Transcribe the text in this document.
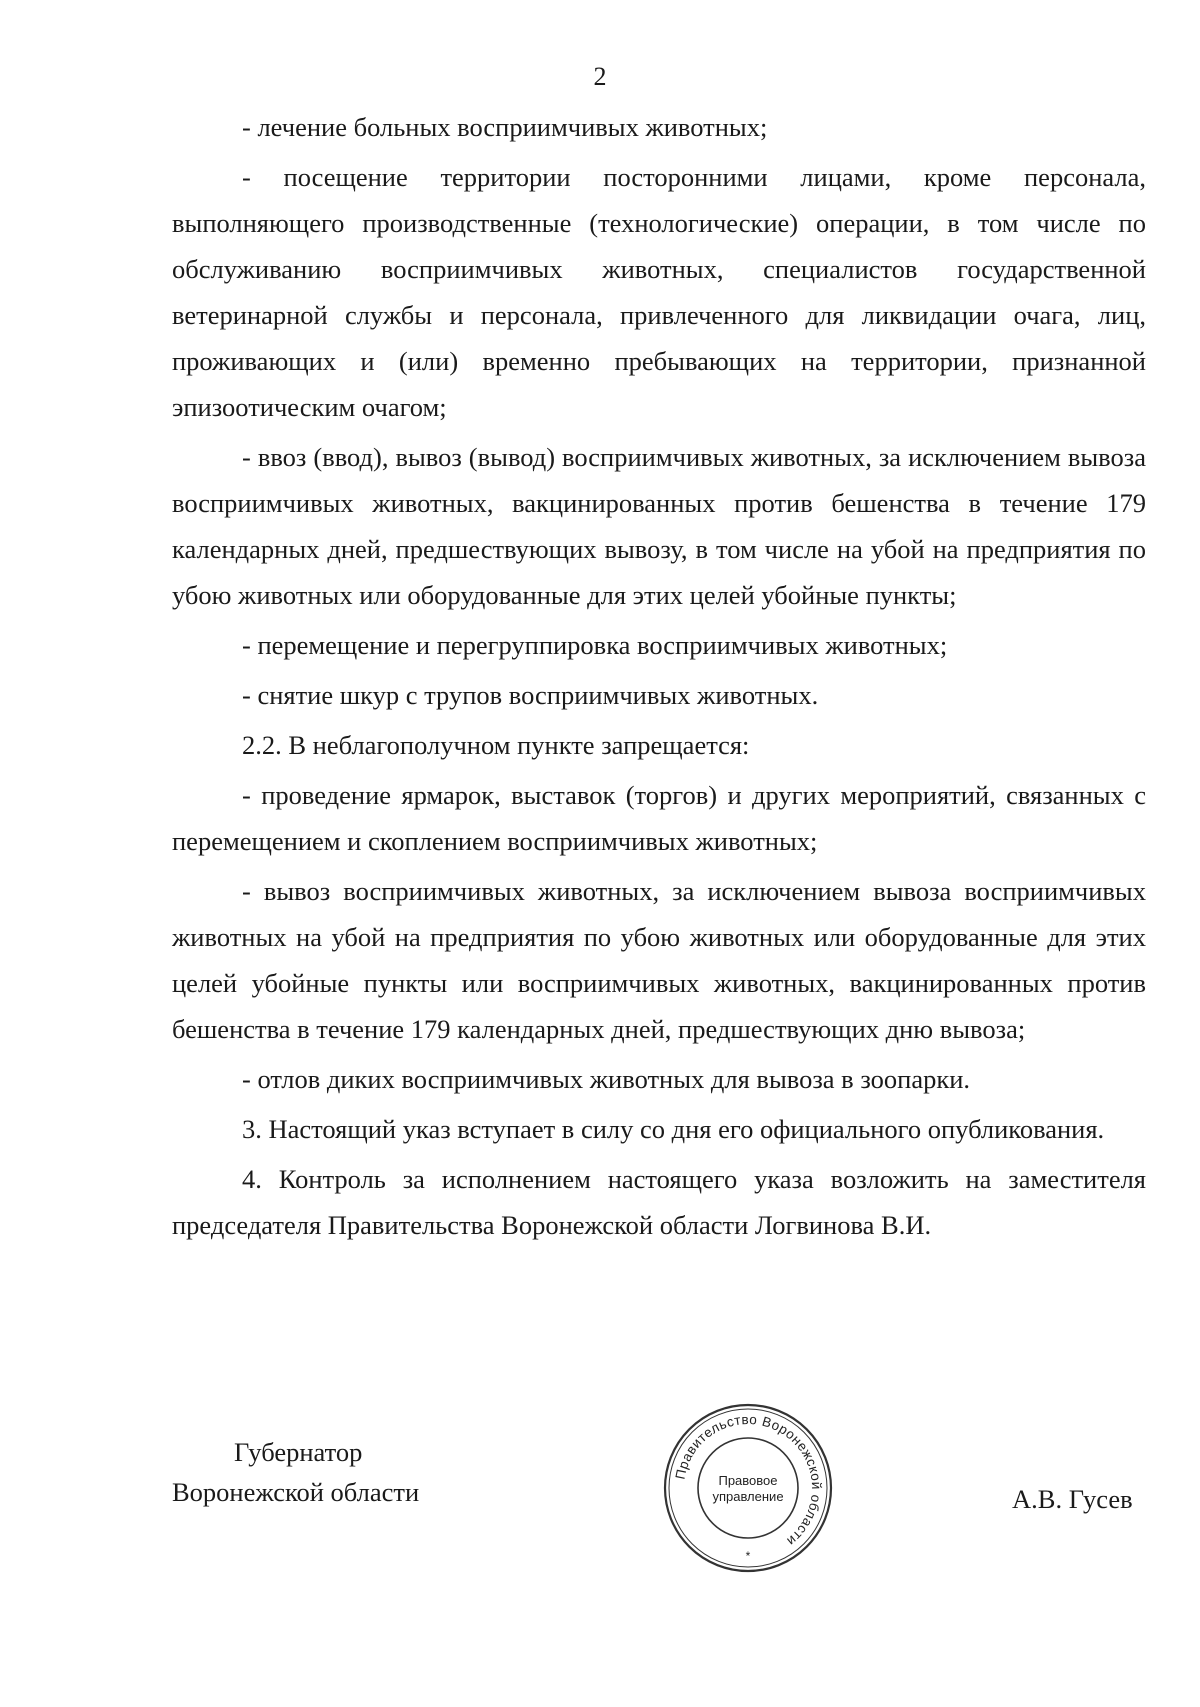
2

- лечение больных восприимчивых животных;

- посещение территории посторонними лицами, кроме персонала, выполняющего производственные (технологические) операции, в том числе по обслуживанию восприимчивых животных, специалистов государственной ветеринарной службы и персонала, привлеченного для ликвидации очага, лиц, проживающих и (или) временно пребывающих на территории, признанной эпизоотическим очагом;

- ввоз (ввод), вывоз (вывод) восприимчивых животных, за исключением вывоза восприимчивых животных, вакцинированных против бешенства в течение 179 календарных дней, предшествующих вывозу, в том числе на убой на предприятия по убою животных или оборудованные для этих целей убойные пункты;

- перемещение и перегруппировка восприимчивых животных;

- снятие шкур с трупов восприимчивых животных.

2.2. В неблагополучном пункте запрещается:

- проведение ярмарок, выставок (торгов) и других мероприятий, связанных с перемещением и скоплением восприимчивых животных;

- вывоз восприимчивых животных, за исключением вывоза восприимчивых животных на убой на предприятия по убою животных или оборудованные для этих целей убойные пункты или восприимчивых животных, вакцинированных против бешенства в течение 179 календарных дней, предшествующих дню вывоза;

- отлов диких восприимчивых животных для вывоза в зоопарки.

3. Настоящий указ вступает в силу со дня его официального опубликования.

4. Контроль за исполнением настоящего указа возложить на заместителя председателя Правительства Воронежской области Логвинова В.И.

Губернатор
Воронежской области
Правительство Воронежской области
Правовое
управление
*
А.В. Гусев
